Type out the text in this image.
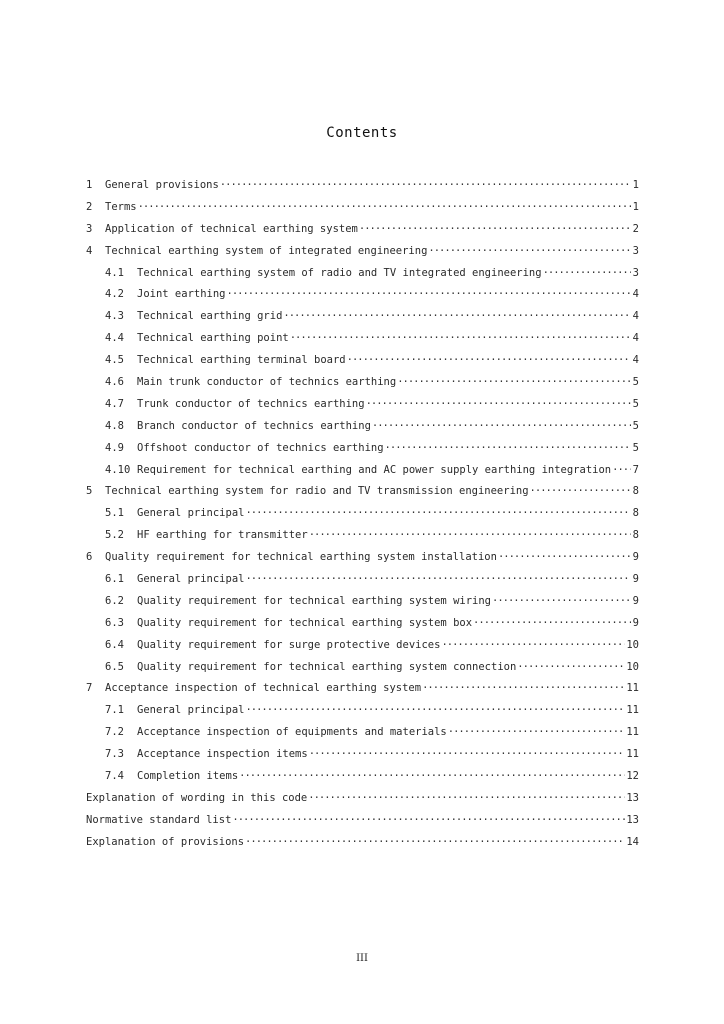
Contents
1	General provisions ·····	1
2	Terms ·····	1
3	Application of technical earthing system ·····	2
4	Technical earthing system of integrated engineering ·····	3
4.1	Technical earthing system of radio and TV integrated engineering ·····	3
4.2	Joint earthing ·····	4
4.3	Technical earthing grid ·····	4
4.4	Technical earthing point ·····	4
4.5	Technical earthing terminal board ·····	4
4.6	Main trunk conductor of technics earthing ·····	5
4.7	Trunk conductor of technics earthing ·····	5
4.8	Branch conductor of technics earthing ·····	5
4.9	Offshoot conductor of technics earthing ·····	5
4.10 Requirement for technical earthing and AC power supply earthing integration ····· 7
5	Technical earthing system for radio and TV transmission engineering ·····	8
5.1	General principal ·····	8
5.2	HF earthing for transmitter ·····	8
6	Quality requirement for technical earthing system installation ·····	9
6.1	General principal ·····	9
6.2	Quality requirement for technical earthing system wiring ·····	9
6.3	Quality requirement for technical earthing system box ·····	9
6.4	Quality requirement for surge protective devices ·····	10
6.5	Quality requirement for technical earthing system connection ·····	10
7	Acceptance inspection of technical earthing system ·····	11
7.1	General principal ·····	11
7.2	Acceptance inspection of equipments and materials ·····	11
7.3	Acceptance inspection items ·····	11
7.4	Completion items ·····	12
Explanation of wording in this code ·····	13
Normative standard list ·····	13
Explanation of provisions ·····	14
III
